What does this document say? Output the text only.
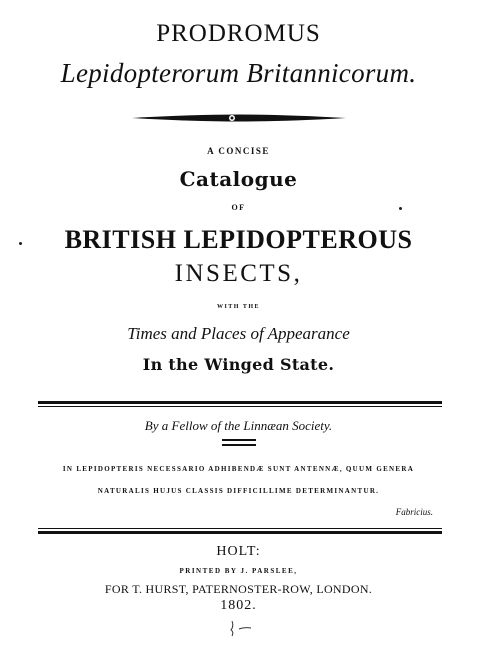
PRODROMUS
Lepidopterorum Britannicorum.
A CONCISE
Catalogue
OF
BRITISH LEPIDOPTEROUS
INSECTS,
WITH THE
Times and Places of Appearance
In the Winged State.
By a Fellow of the Linnæan Society.
IN LEPIDOPTERIS NECESSARIO ADHIBENDÆ SUNT ANTENNÆ, QUUM GENERA
NATURALIS HUJUS CLASSIS DIFFICILLIME DETERMINANTUR.
Fabricius.
HOLT:
PRINTED BY J. PARSLEE,
FOR T. HURST, PATERNOSTER-ROW, LONDON.
1802.
